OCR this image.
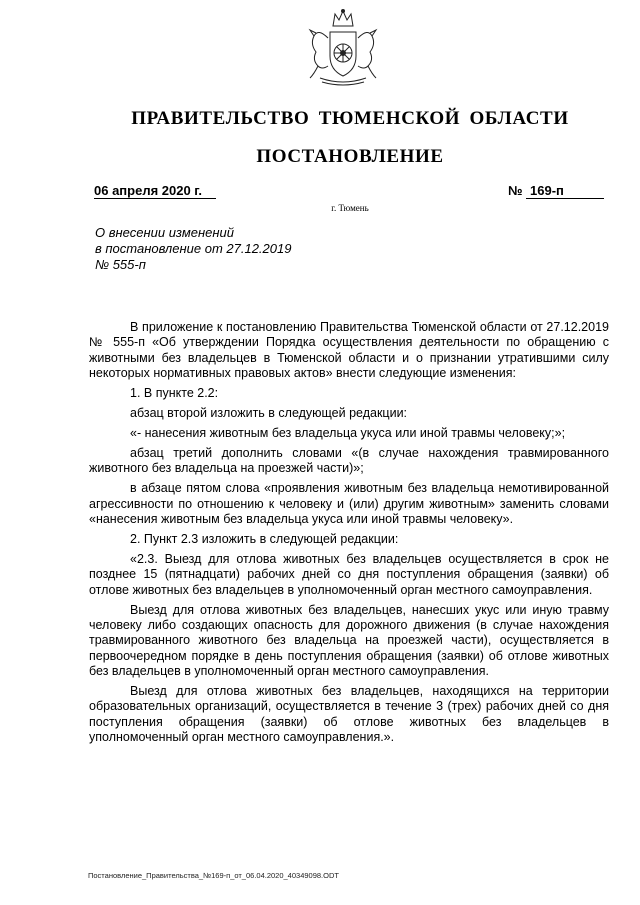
ПРАВИТЕЛЬСТВО ТЮМЕНСКОЙ ОБЛАСТИ
ПОСТАНОВЛЕНИЕ
06 апреля 2020 г.	№ 169-п
г. Тюмень
О внесении изменений
в постановление от 27.12.2019
№ 555-п

В приложение к постановлению Правительства Тюменской области от 27.12.2019 № 555-п «Об утверждении Порядка осуществления деятельности по обращению с животными без владельцев в Тюменской области и о признании утратившими силу некоторых нормативных правовых актов» внести следующие изменения:

1. В пункте 2.2:

абзац второй изложить в следующей редакции:

«- нанесения животным без владельца укуса или иной травмы человеку;»;

абзац третий дополнить словами «(в случае нахождения травмированного животного без владельца на проезжей части)»;

в абзаце пятом слова «проявления животным без владельца немотивированной агрессивности по отношению к человеку и (или) другим животным» заменить словами «нанесения животным без владельца укуса или иной травмы человеку».

2. Пункт 2.3 изложить в следующей редакции:

«2.3. Выезд для отлова животных без владельцев осуществляется в срок не позднее 15 (пятнадцати) рабочих дней со дня поступления обращения (заявки) об отлове животных без владельцев в уполномоченный орган местного самоуправления.

Выезд для отлова животных без владельцев, нанесших укус или иную травму человеку либо создающих опасность для дорожного движения (в случае нахождения травмированного животного без владельца на проезжей части), осуществляется в первоочередном порядке в день поступления обращения (заявки) об отлове животных без владельцев в уполномоченный орган местного самоуправления.

Выезд для отлова животных без владельцев, находящихся на территории образовательных организаций, осуществляется в течение 3 (трех) рабочих дней со дня поступления обращения (заявки) об отлове животных без владельцев в уполномоченный орган местного самоуправления.».

Постановление_Правительства_№169-п_от_06.04.2020_40349098.ODT
